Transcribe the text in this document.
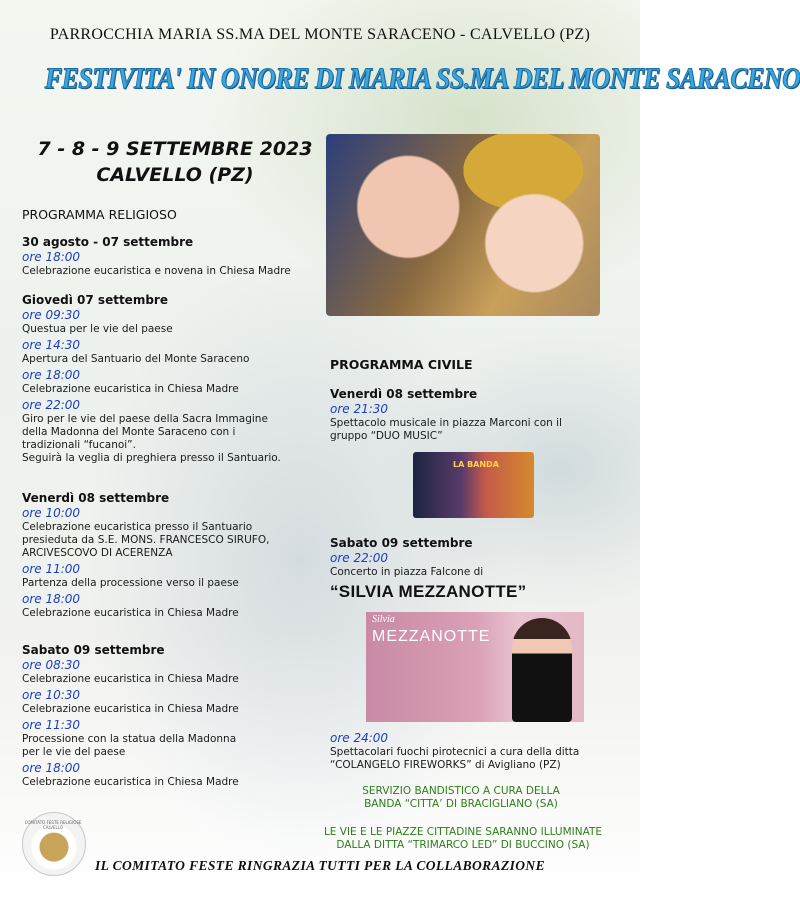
PARROCCHIA MARIA SS.MA DEL MONTE SARACENO - CALVELLO (PZ)
FESTIVITA' IN ONORE DI MARIA SS.MA DEL MONTE SARACENO
7 - 8 - 9 SETTEMBRE 2023
CALVELLO (PZ)
PROGRAMMA RELIGIOSO
30 agosto - 07 settembre
ore 18:00
Celebrazione eucaristica e novena in Chiesa Madre
Giovedì 07 settembre
ore 09:30
Questua per le vie del paese
ore 14:30
Apertura del Santuario del Monte Saraceno
ore 18:00
Celebrazione eucaristica in Chiesa Madre
ore 22:00
Giro per le vie del paese della Sacra Immagine
della Madonna del Monte Saraceno con i
tradizionali “fucanoi”.
Seguirà la veglia di preghiera presso il Santuario.
Venerdì 08 settembre
ore 10:00
Celebrazione eucaristica presso il Santuario
presieduta da S.E. MONS. FRANCESCO SIRUFO,
ARCIVESCOVO DI ACERENZA
ore 11:00
Partenza della processione verso il paese
ore 18:00
Celebrazione eucaristica in Chiesa Madre
Sabato 09 settembre
ore 08:30
Celebrazione eucaristica in Chiesa Madre
ore 10:30
Celebrazione eucaristica in Chiesa Madre
ore 11:30
Processione con la statua della Madonna
per le vie del paese
ore 18:00
Celebrazione eucaristica in Chiesa Madre
PROGRAMMA CIVILE
Venerdì 08 settembre
ore 21:30
Spettacolo musicale in piazza Marconi con il
gruppo “DUO MUSIC”
LA BANDA
Sabato 09 settembre
ore 22:00
Concerto in piazza Falcone di
“SILVIA MEZZANOTTE”
Silvia
MEZZANOTTE
ore 24:00
Spettacolari fuochi pirotecnici a cura della ditta
“COLANGELO FIREWORKS” di Avigliano (PZ)
SERVIZIO BANDISTICO A CURA DELLA
BANDA “CITTA’ DI BRACIGLIANO (SA)
LE VIE E LE PIAZZE CITTADINE SARANNO ILLUMINATE
DALLA DITTA “TRIMARCO LED” DI BUCCINO (SA)
COMITATO FESTE RELIGIOSE CALVELLO
IL COMITATO FESTE RINGRAZIA TUTTI PER LA COLLABORAZIONE
